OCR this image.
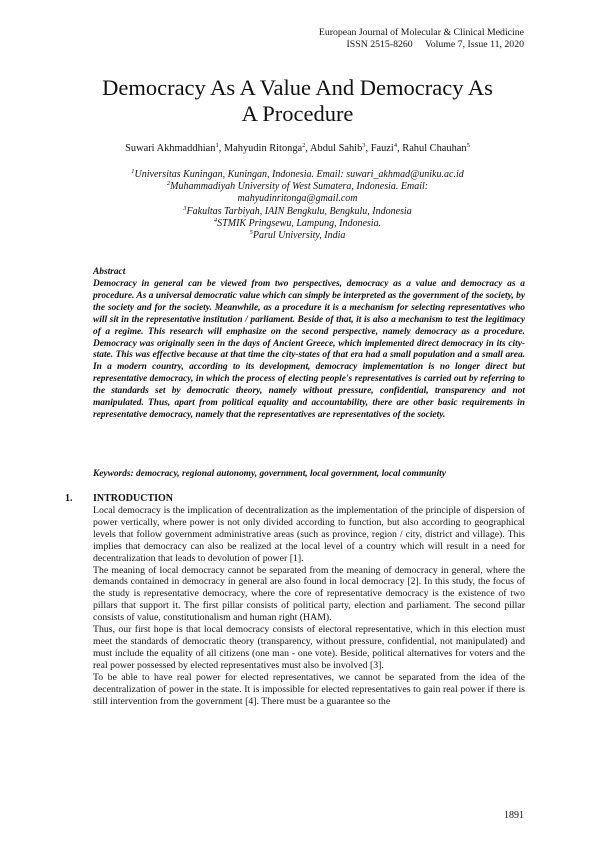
European Journal of Molecular & Clinical Medicine
ISSN 2515-8260 Volume 7, Issue 11, 2020
Democracy As A Value And Democracy As
A Procedure
Suwari Akhmaddhian$^1$, Mahyudin Ritonga$^2$, Abdul Sahib$^3$, Fauzi$^4$, Rahul Chauhan$^5$
$^1$Universitas Kuningan, Kuningan, Indonesia. Email: suwari_akhmad@uniku.ac.id
$^2$Muhammadiyah University of West Sumatera, Indonesia. Email:
mahyudinritonga@gmail.com
$^3$Fakultas Tarbiyah, IAIN Bengkulu, Bengkulu, Indonesia
$^4$STMIK Pringsewu, Lampung, Indonesia.
$^5$Parul University, India
Abstract
Democracy in general can be viewed from two perspectives, democracy as a value and democracy as a procedure. As a universal democratic value which can simply be interpreted as the government of the society, by the society and for the society. Meanwhile, as a procedure it is a mechanism for selecting representatives who will sit in the representative institution / parliament. Beside of that, it is also a mechanism to test the legitimacy of a regime. This research will emphasize on the second perspective, namely democracy as a procedure. Democracy was originally seen in the days of Ancient Greece, which implemented direct democracy in its city-state. This was effective because at that time the city-states of that era had a small population and a small area. In a modern country, according to its development, democracy implementation is no longer direct but representative democracy, in which the process of electing people's representatives is carried out by referring to the standards set by democratic theory, namely without pressure, confidential, transparency and not manipulated. Thus, apart from political equality and accountability, there are other basic requirements in representative democracy, namely that the representatives are representatives of the society.
Keywords: democracy, regional autonomy, government, local government, local community
1. INTRODUCTION

Local democracy is the implication of decentralization as the implementation of the principle of dispersion of power vertically, where power is not only divided according to function, but also according to geographical levels that follow government administrative areas (such as province, region / city, district and village). This implies that democracy can also be realized at the local level of a country which will result in a need for decentralization that leads to devolution of power [1].

The meaning of local democracy cannot be separated from the meaning of democracy in general, where the demands contained in democracy in general are also found in local democracy [2]. In this study, the focus of the study is representative democracy, where the core of representative democracy is the existence of two pillars that support it. The first pillar consists of political party, election and parliament. The second pillar consists of value, constitutionalism and human right (HAM).

Thus, our first hope is that local democracy consists of electoral representative, which in this election must meet the standards of democratic theory (transparency, without pressure, confidential, not manipulated) and must include the equality of all citizens (one man - one vote). Beside, political alternatives for voters and the real power possessed by elected representatives must also be involved [3].

To be able to have real power for elected representatives, we cannot be separated from the idea of the decentralization of power in the state. It is impossible for elected representatives to gain real power if there is still intervention from the government [4]. There must be a guarantee so the

1891
